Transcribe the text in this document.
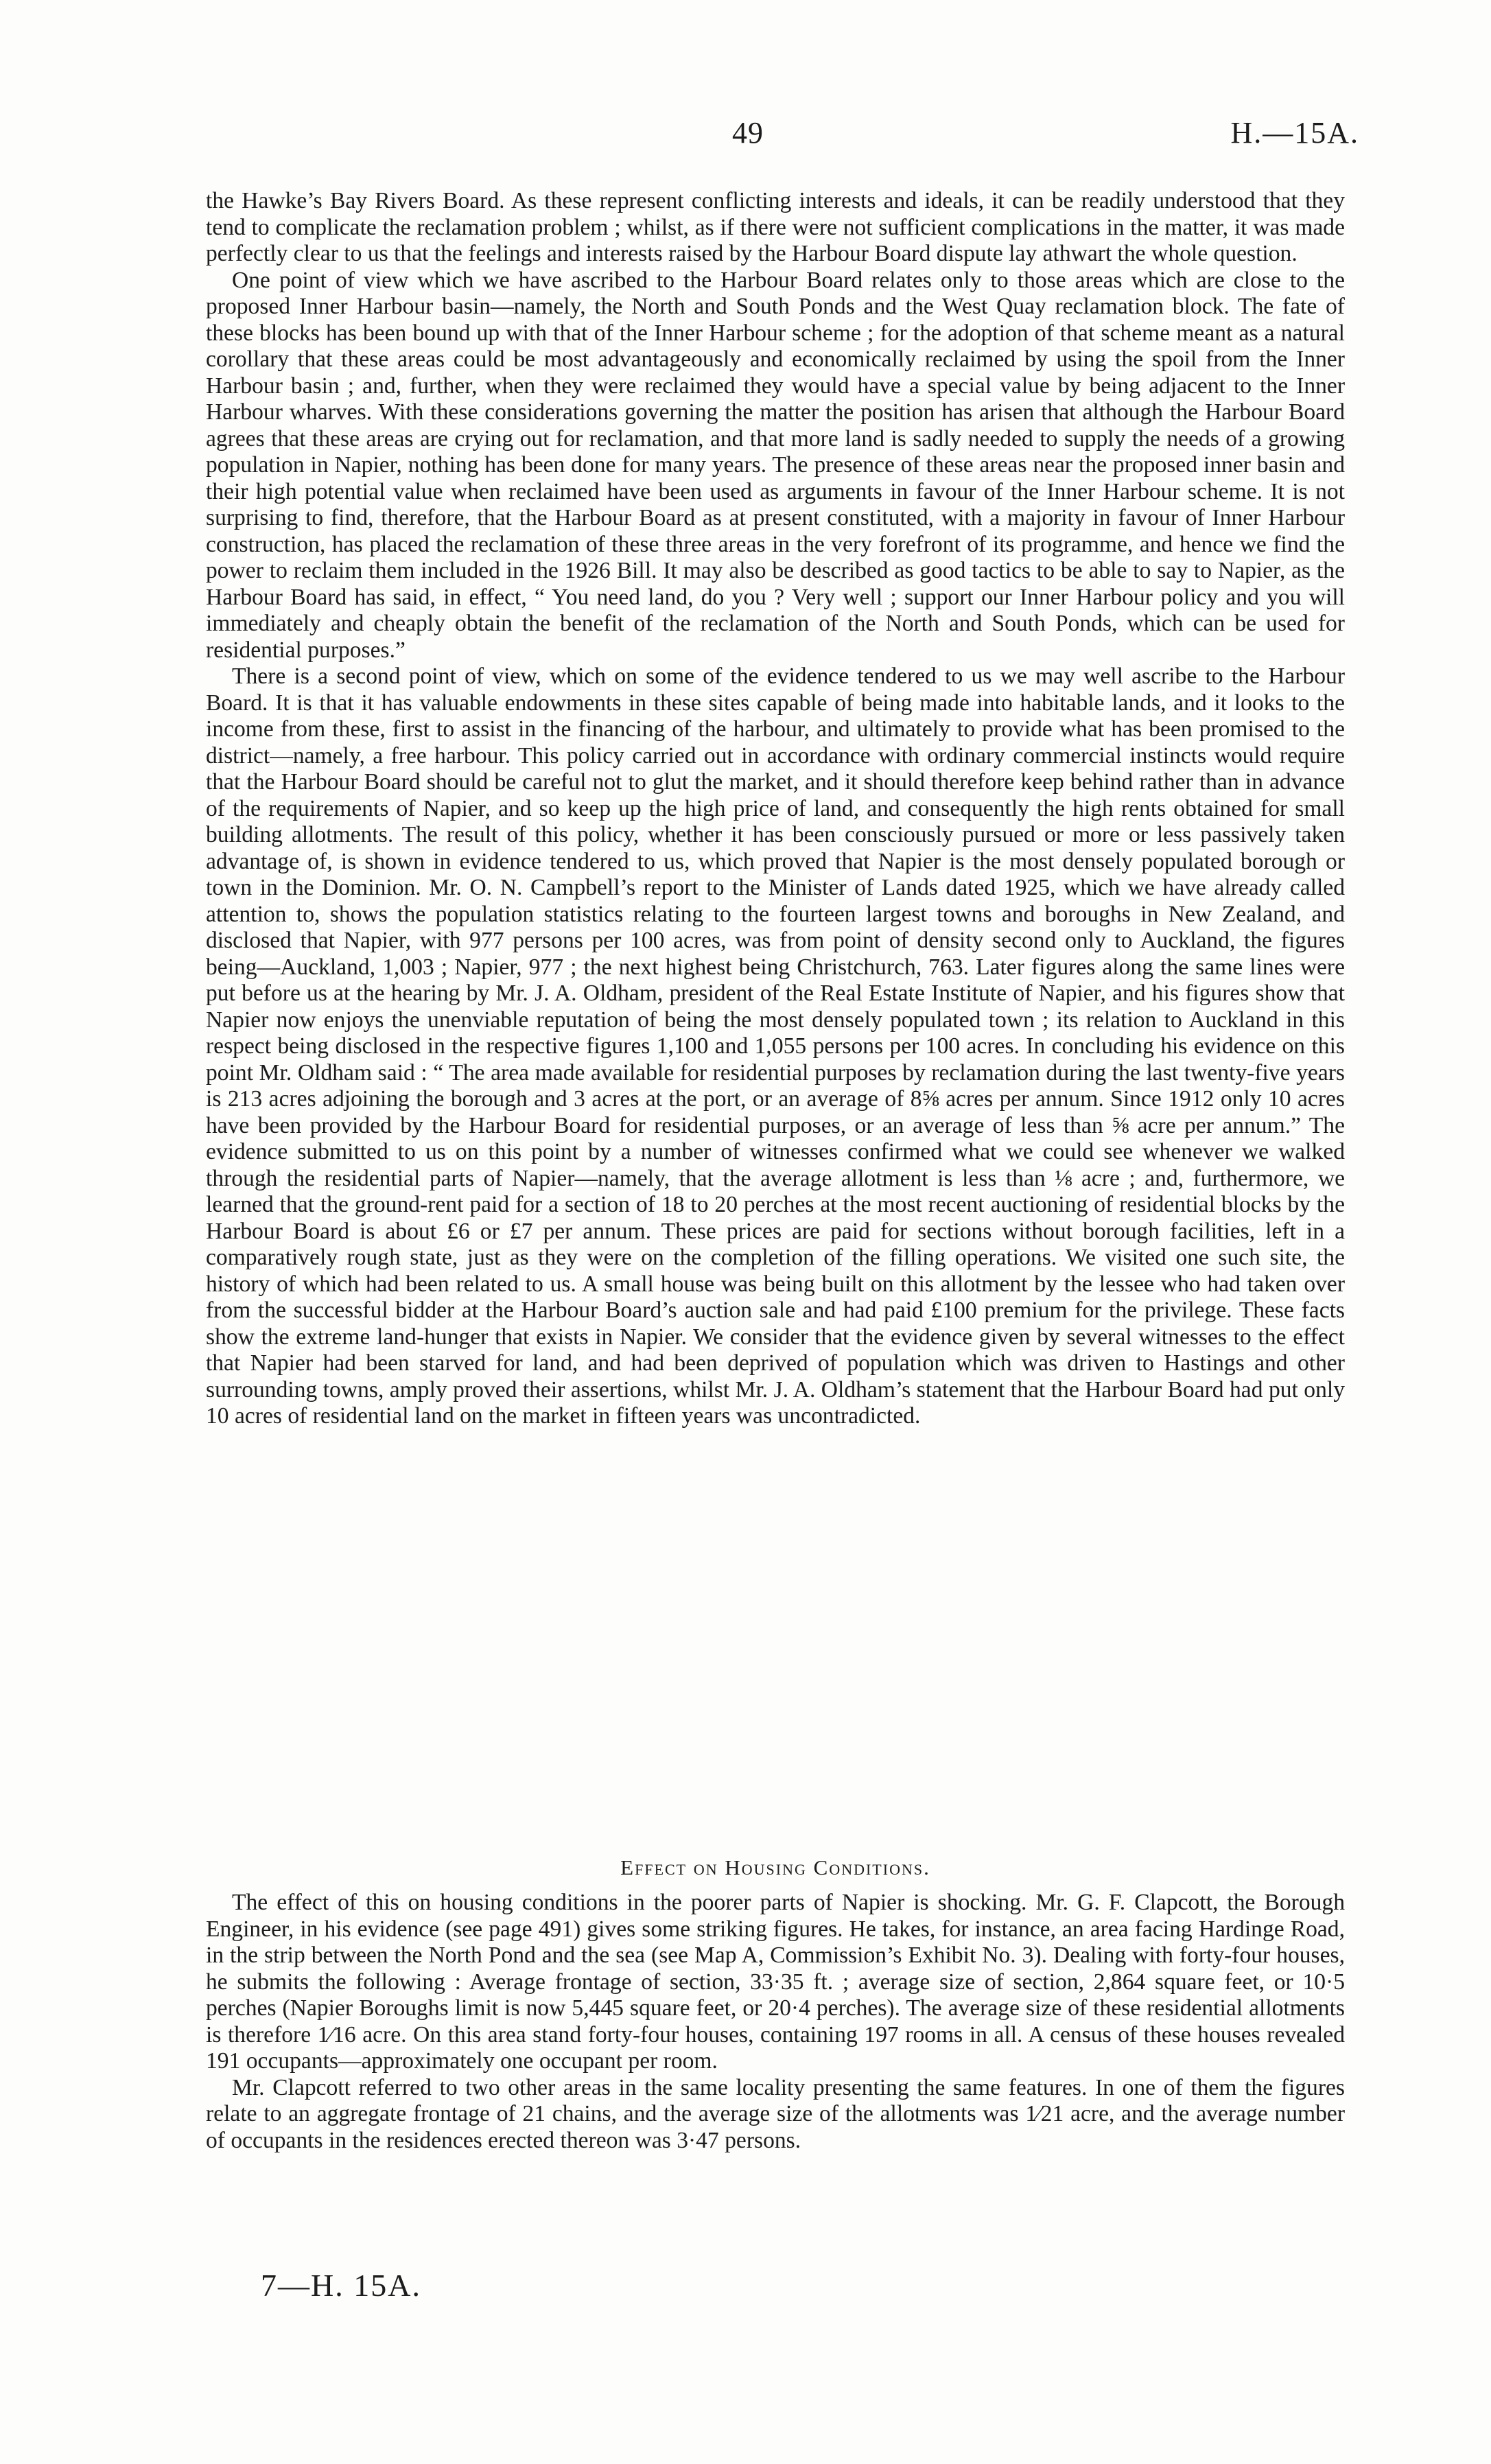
49	H.—15A.

the Hawke’s Bay Rivers Board. As these represent conflicting interests and ideals, it can be readily understood that they tend to complicate the reclamation problem ; whilst, as if there were not sufficient complications in the matter, it was made perfectly clear to us that the feelings and interests raised by the Harbour Board dispute lay athwart the whole question.

One point of view which we have ascribed to the Harbour Board relates only to those areas which are close to the proposed Inner Harbour basin—namely, the North and South Ponds and the West Quay reclamation block. The fate of these blocks has been bound up with that of the Inner Harbour scheme ; for the adoption of that scheme meant as a natural corollary that these areas could be most advantageously and economically reclaimed by using the spoil from the Inner Harbour basin ; and, further, when they were reclaimed they would have a special value by being adjacent to the Inner Harbour wharves. With these considerations governing the matter the position has arisen that although the Harbour Board agrees that these areas are crying out for reclamation, and that more land is sadly needed to supply the needs of a growing population in Napier, nothing has been done for many years. The presence of these areas near the proposed inner basin and their high potential value when reclaimed have been used as arguments in favour of the Inner Harbour scheme. It is not surprising to find, therefore, that the Harbour Board as at present constituted, with a majority in favour of Inner Harbour construction, has placed the reclamation of these three areas in the very forefront of its programme, and hence we find the power to reclaim them included in the 1926 Bill. It may also be described as good tactics to be able to say to Napier, as the Harbour Board has said, in effect, “ You need land, do you ? Very well ; support our Inner Harbour policy and you will immediately and cheaply obtain the benefit of the reclamation of the North and South Ponds, which can be used for residential purposes.”

There is a second point of view, which on some of the evidence tendered to us we may well ascribe to the Harbour Board. It is that it has valuable endowments in these sites capable of being made into habitable lands, and it looks to the income from these, first to assist in the financing of the harbour, and ultimately to provide what has been promised to the district—namely, a free harbour. This policy carried out in accordance with ordinary commercial instincts would require that the Harbour Board should be careful not to glut the market, and it should therefore keep behind rather than in advance of the requirements of Napier, and so keep up the high price of land, and consequently the high rents obtained for small building allotments. The result of this policy, whether it has been consciously pursued or more or less passively taken advantage of, is shown in evidence tendered to us, which proved that Napier is the most densely populated borough or town in the Dominion. Mr. O. N. Campbell’s report to the Minister of Lands dated 1925, which we have already called attention to, shows the population statistics relating to the fourteen largest towns and boroughs in New Zealand, and disclosed that Napier, with 977 persons per 100 acres, was from point of density second only to Auckland, the figures being—Auckland, 1,003 ; Napier, 977 ; the next highest being Christchurch, 763. Later figures along the same lines were put before us at the hearing by Mr. J. A. Oldham, president of the Real Estate Institute of Napier, and his figures show that Napier now enjoys the unenviable reputation of being the most densely populated town ; its relation to Auckland in this respect being disclosed in the respective figures 1,100 and 1,055 persons per 100 acres. In concluding his evidence on this point Mr. Oldham said : “ The area made available for residential purposes by reclamation during the last twenty-five years is 213 acres adjoining the borough and 3 acres at the port, or an average of 8⅝ acres per annum. Since 1912 only 10 acres have been provided by the Harbour Board for residential purposes, or an average of less than ⅝ acre per annum.” The evidence submitted to us on this point by a number of witnesses confirmed what we could see whenever we walked through the residential parts of Napier—namely, that the average allotment is less than ⅛ acre ; and, furthermore, we learned that the ground-rent paid for a section of 18 to 20 perches at the most recent auctioning of residential blocks by the Harbour Board is about £6 or £7 per annum. These prices are paid for sections without borough facilities, left in a comparatively rough state, just as they were on the completion of the filling operations. We visited one such site, the history of which had been related to us. A small house was being built on this allotment by the lessee who had taken over from the successful bidder at the Harbour Board’s auction sale and had paid £100 premium for the privilege. These facts show the extreme land-hunger that exists in Napier. We consider that the evidence given by several witnesses to the effect that Napier had been starved for land, and had been deprived of population which was driven to Hastings and other surrounding towns, amply proved their assertions, whilst Mr. J. A. Oldham’s statement that the Harbour Board had put only 10 acres of residential land on the market in fifteen years was uncontradicted.

Effect on Housing Conditions.

The effect of this on housing conditions in the poorer parts of Napier is shocking. Mr. G. F. Clapcott, the Borough Engineer, in his evidence (see page 491) gives some striking figures. He takes, for instance, an area facing Hardinge Road, in the strip between the North Pond and the sea (see Map A, Commission’s Exhibit No. 3). Dealing with forty-four houses, he submits the following : Average frontage of section, 33·35 ft. ; average size of section, 2,864 square feet, or 10·5 perches (Napier Boroughs limit is now 5,445 square feet, or 20·4 perches). The average size of these residential allotments is therefore 1⁄16 acre. On this area stand forty-four houses, containing 197 rooms in all. A census of these houses revealed 191 occupants—approximately one occupant per room.

Mr. Clapcott referred to two other areas in the same locality presenting the same features. In one of them the figures relate to an aggregate frontage of 21 chains, and the average size of the allotments was 1⁄21 acre, and the average number of occupants in the residences erected thereon was 3·47 persons.

7—H. 15A.
